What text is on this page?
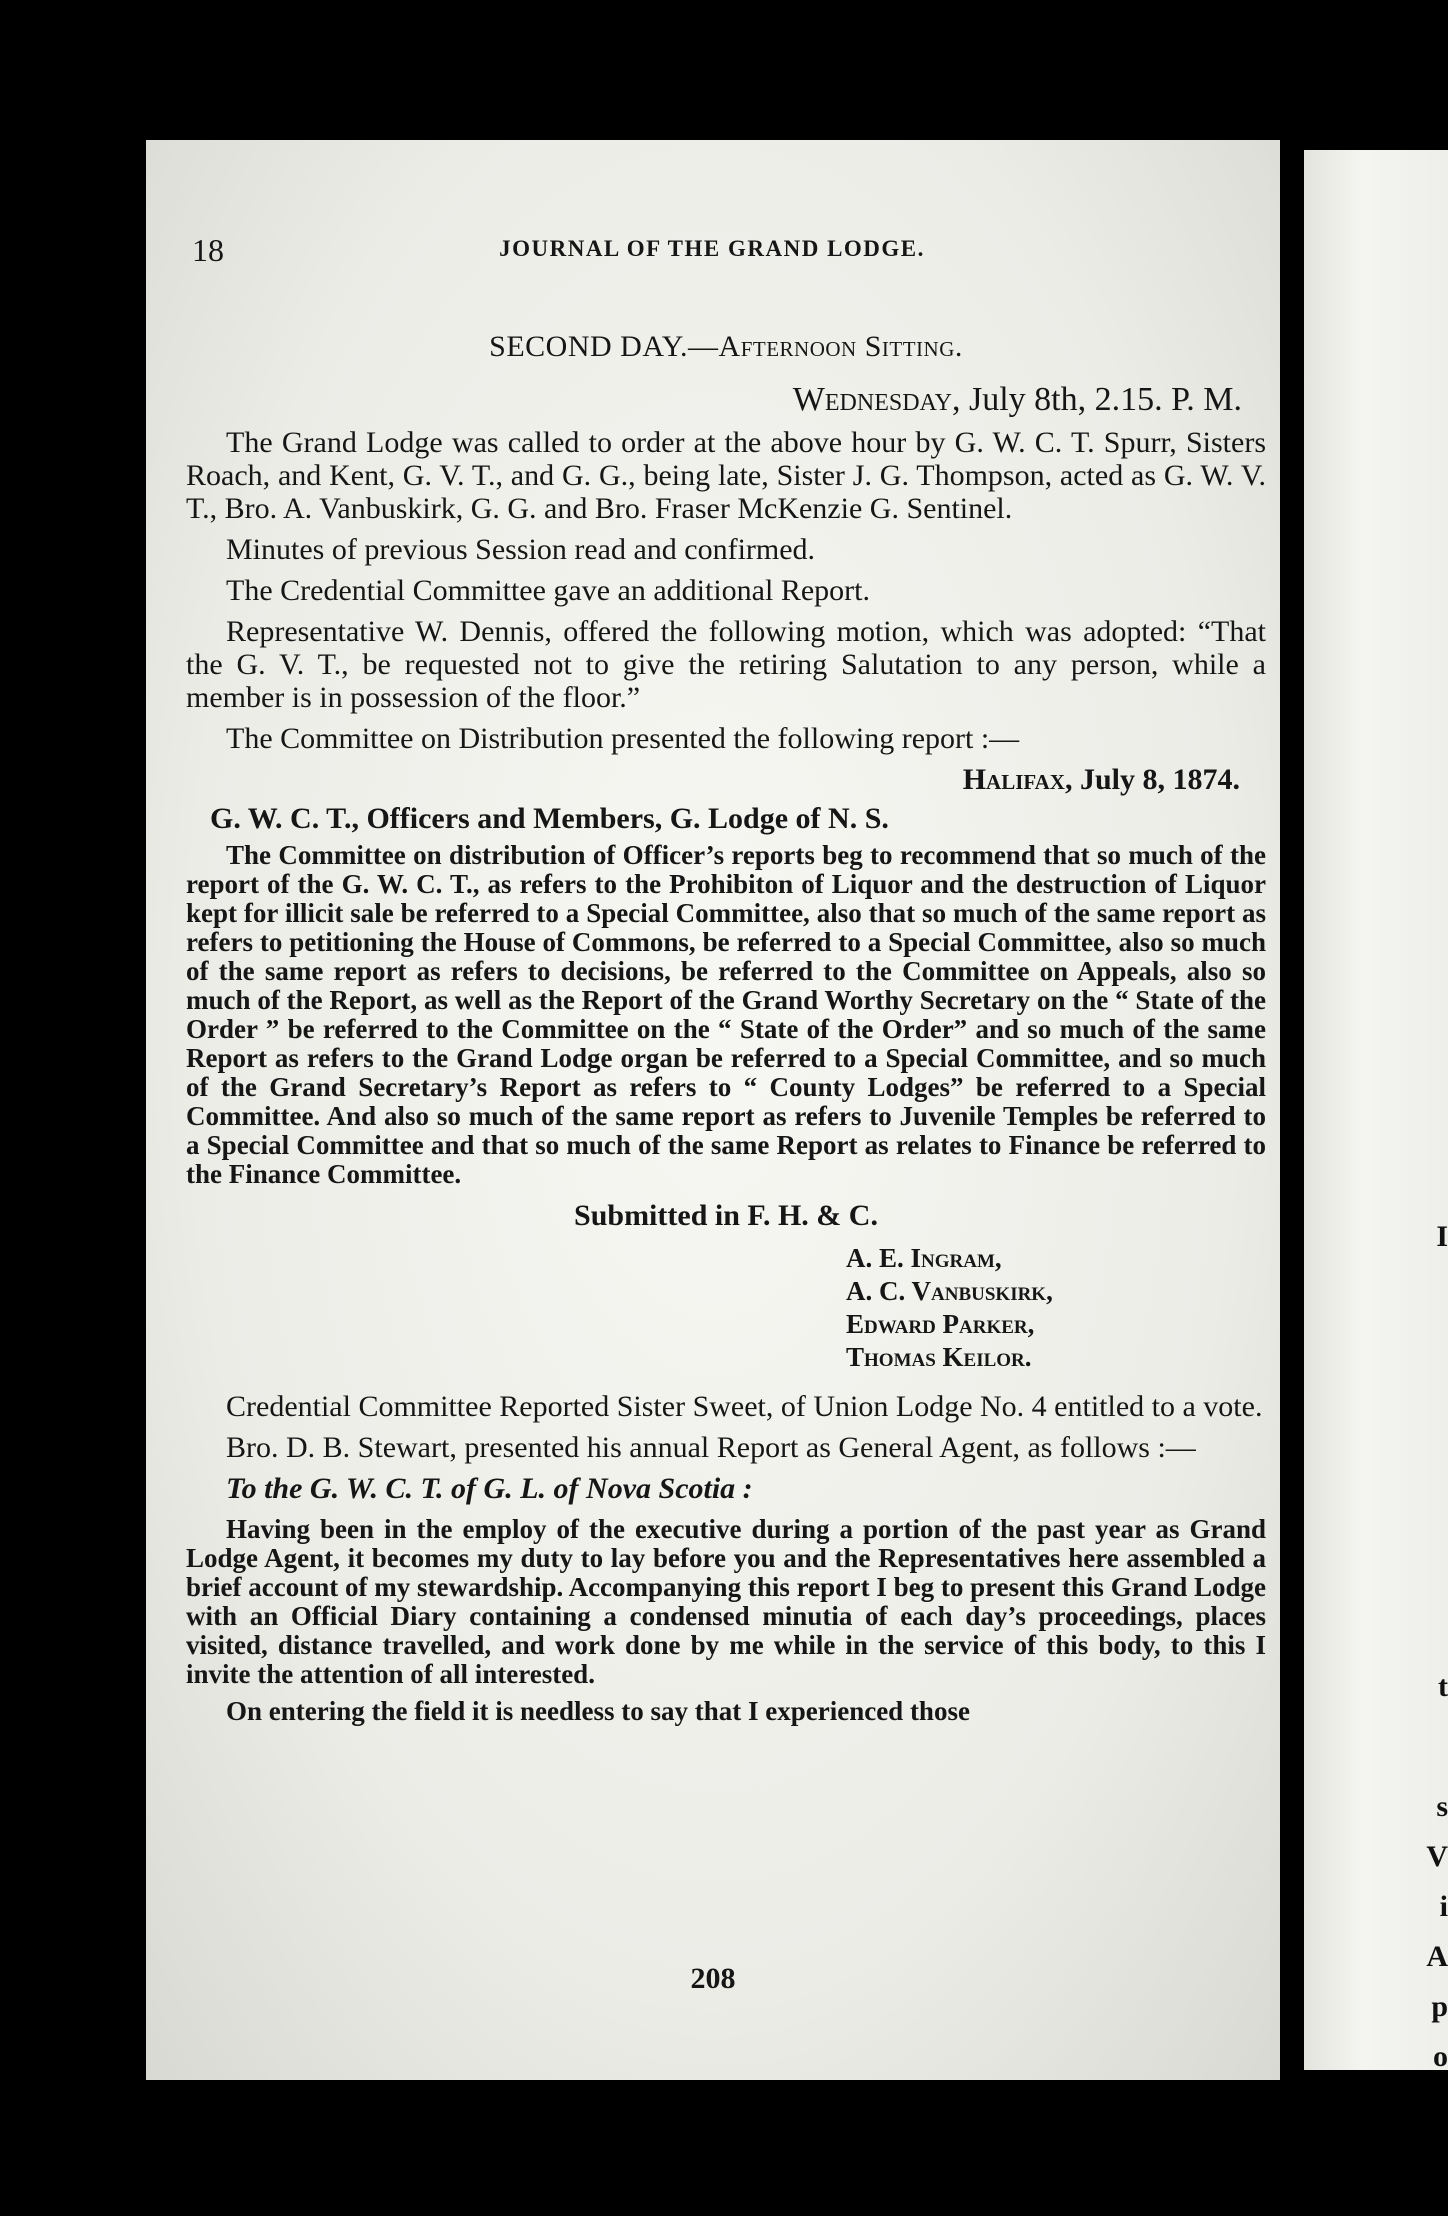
18	JOURNAL OF THE GRAND LODGE.
SECOND DAY.—Afternoon Sitting.
Wednesday, July 8th, 2.15. P. M.

The Grand Lodge was called to order at the above hour by G. W. C. T. Spurr, Sisters Roach, and Kent, G. V. T., and G. G., being late, Sister J. G. Thompson, acted as G. W. V. T., Bro. A. Vanbuskirk, G. G. and Bro. Fraser McKenzie G. Sentinel.

Minutes of previous Session read and confirmed.

The Credential Committee gave an additional Report.

Representative W. Dennis, offered the following motion, which was adopted: “That the G. V. T., be requested not to give the retiring Salutation to any person, while a member is in possession of the floor.”

The Committee on Distribution presented the following report :—

Halifax, July 8, 1874.
G. W. C. T., Officers and Members, G. Lodge of N. S.

The Committee on distribution of Officer’s reports beg to recommend that so much of the report of the G. W. C. T., as refers to the Prohibiton of Liquor and the destruction of Liquor kept for illicit sale be referred to a Special Committee, also that so much of the same report as refers to petitioning the House of Commons, be referred to a Special Committee, also so much of the same report as refers to decisions, be referred to the Committee on Appeals, also so much of the Report, as well as the Report of the Grand Worthy Secretary on the “ State of the Order ” be referred to the Committee on the “ State of the Order” and so much of the same Report as refers to the Grand Lodge organ be referred to a Special Committee, and so much of the Grand Secretary’s Report as refers to “ County Lodges” be referred to a Special Committee. And also so much of the same report as refers to Juvenile Temples be referred to a Special Committee and that so much of the same Report as relates to Finance be referred to the Finance Committee.

Submitted in F. H. & C.
A. E. Ingram,
A. C. Vanbuskirk,
Edward Parker,
Thomas Keilor.

Credential Committee Reported Sister Sweet, of Union Lodge No. 4 entitled to a vote.

Bro. D. B. Stewart, presented his annual Report as General Agent, as follows :—

To the G. W. C. T. of G. L. of Nova Scotia :

Having been in the employ of the executive during a portion of the past year as Grand Lodge Agent, it becomes my duty to lay before you and the Representatives here assembled a brief account of my stewardship. Accompanying this report I beg to present this Grand Lodge with an Official Diary containing a condensed minutia of each day’s proceedings, places visited, distance travelled, and work done by me while in the service of this body, to this I invite the attention of all interested.

On entering the field it is needless to say that I experienced those

208
I
t
s
V
i
A
p
o
